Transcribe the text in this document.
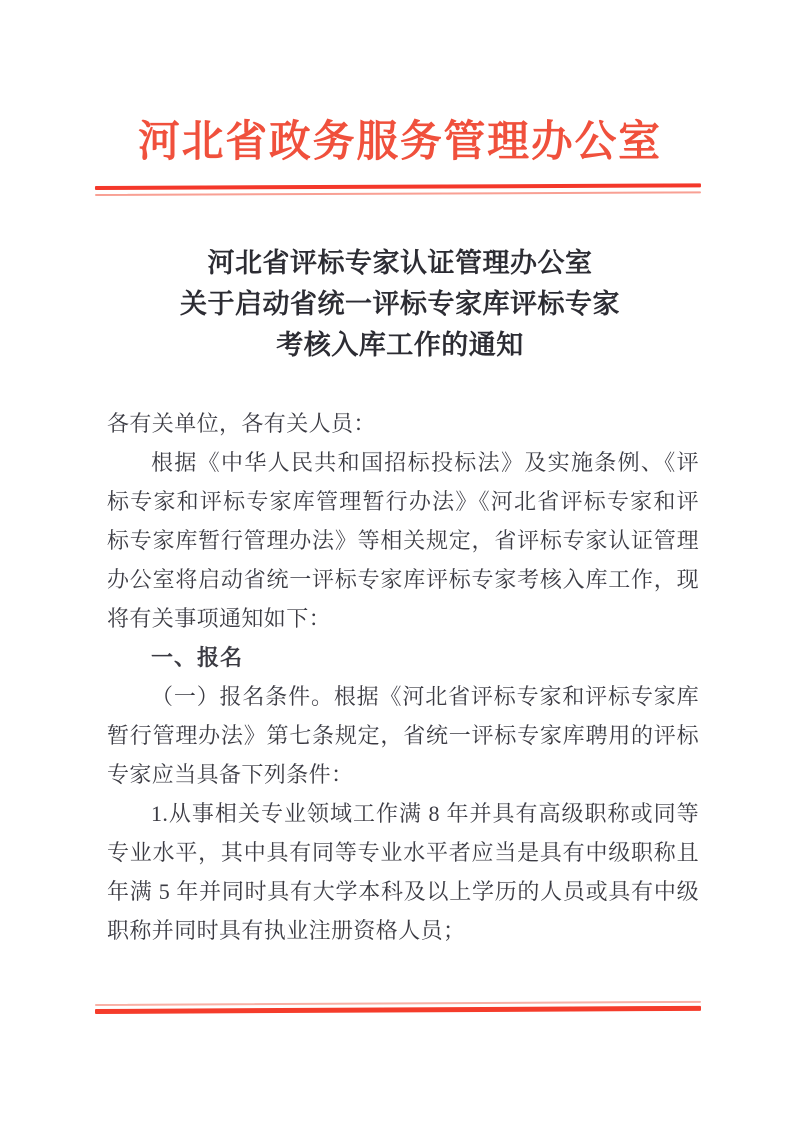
河北省政务服务管理办公室
河北省评标专家认证管理办公室
关于启动省统一评标专家库评标专家
考核入库工作的通知

各有关单位，各有关人员：

根据《中华人民共和国招标投标法》及实施条例、《评标专家和评标专家库管理暂行办法》《河北省评标专家和评标专家库暂行管理办法》等相关规定，省评标专家认证管理办公室将启动省统一评标专家库评标专家考核入库工作，现将有关事项通知如下：

一、报名

（一）报名条件。根据《河北省评标专家和评标专家库暂行管理办法》第七条规定，省统一评标专家库聘用的评标专家应当具备下列条件：

1.从事相关专业领域工作满 8 年并具有高级职称或同等专业水平，其中具有同等专业水平者应当是具有中级职称且年满 5 年并同时具有大学本科及以上学历的人员或具有中级职称并同时具有执业注册资格人员；
